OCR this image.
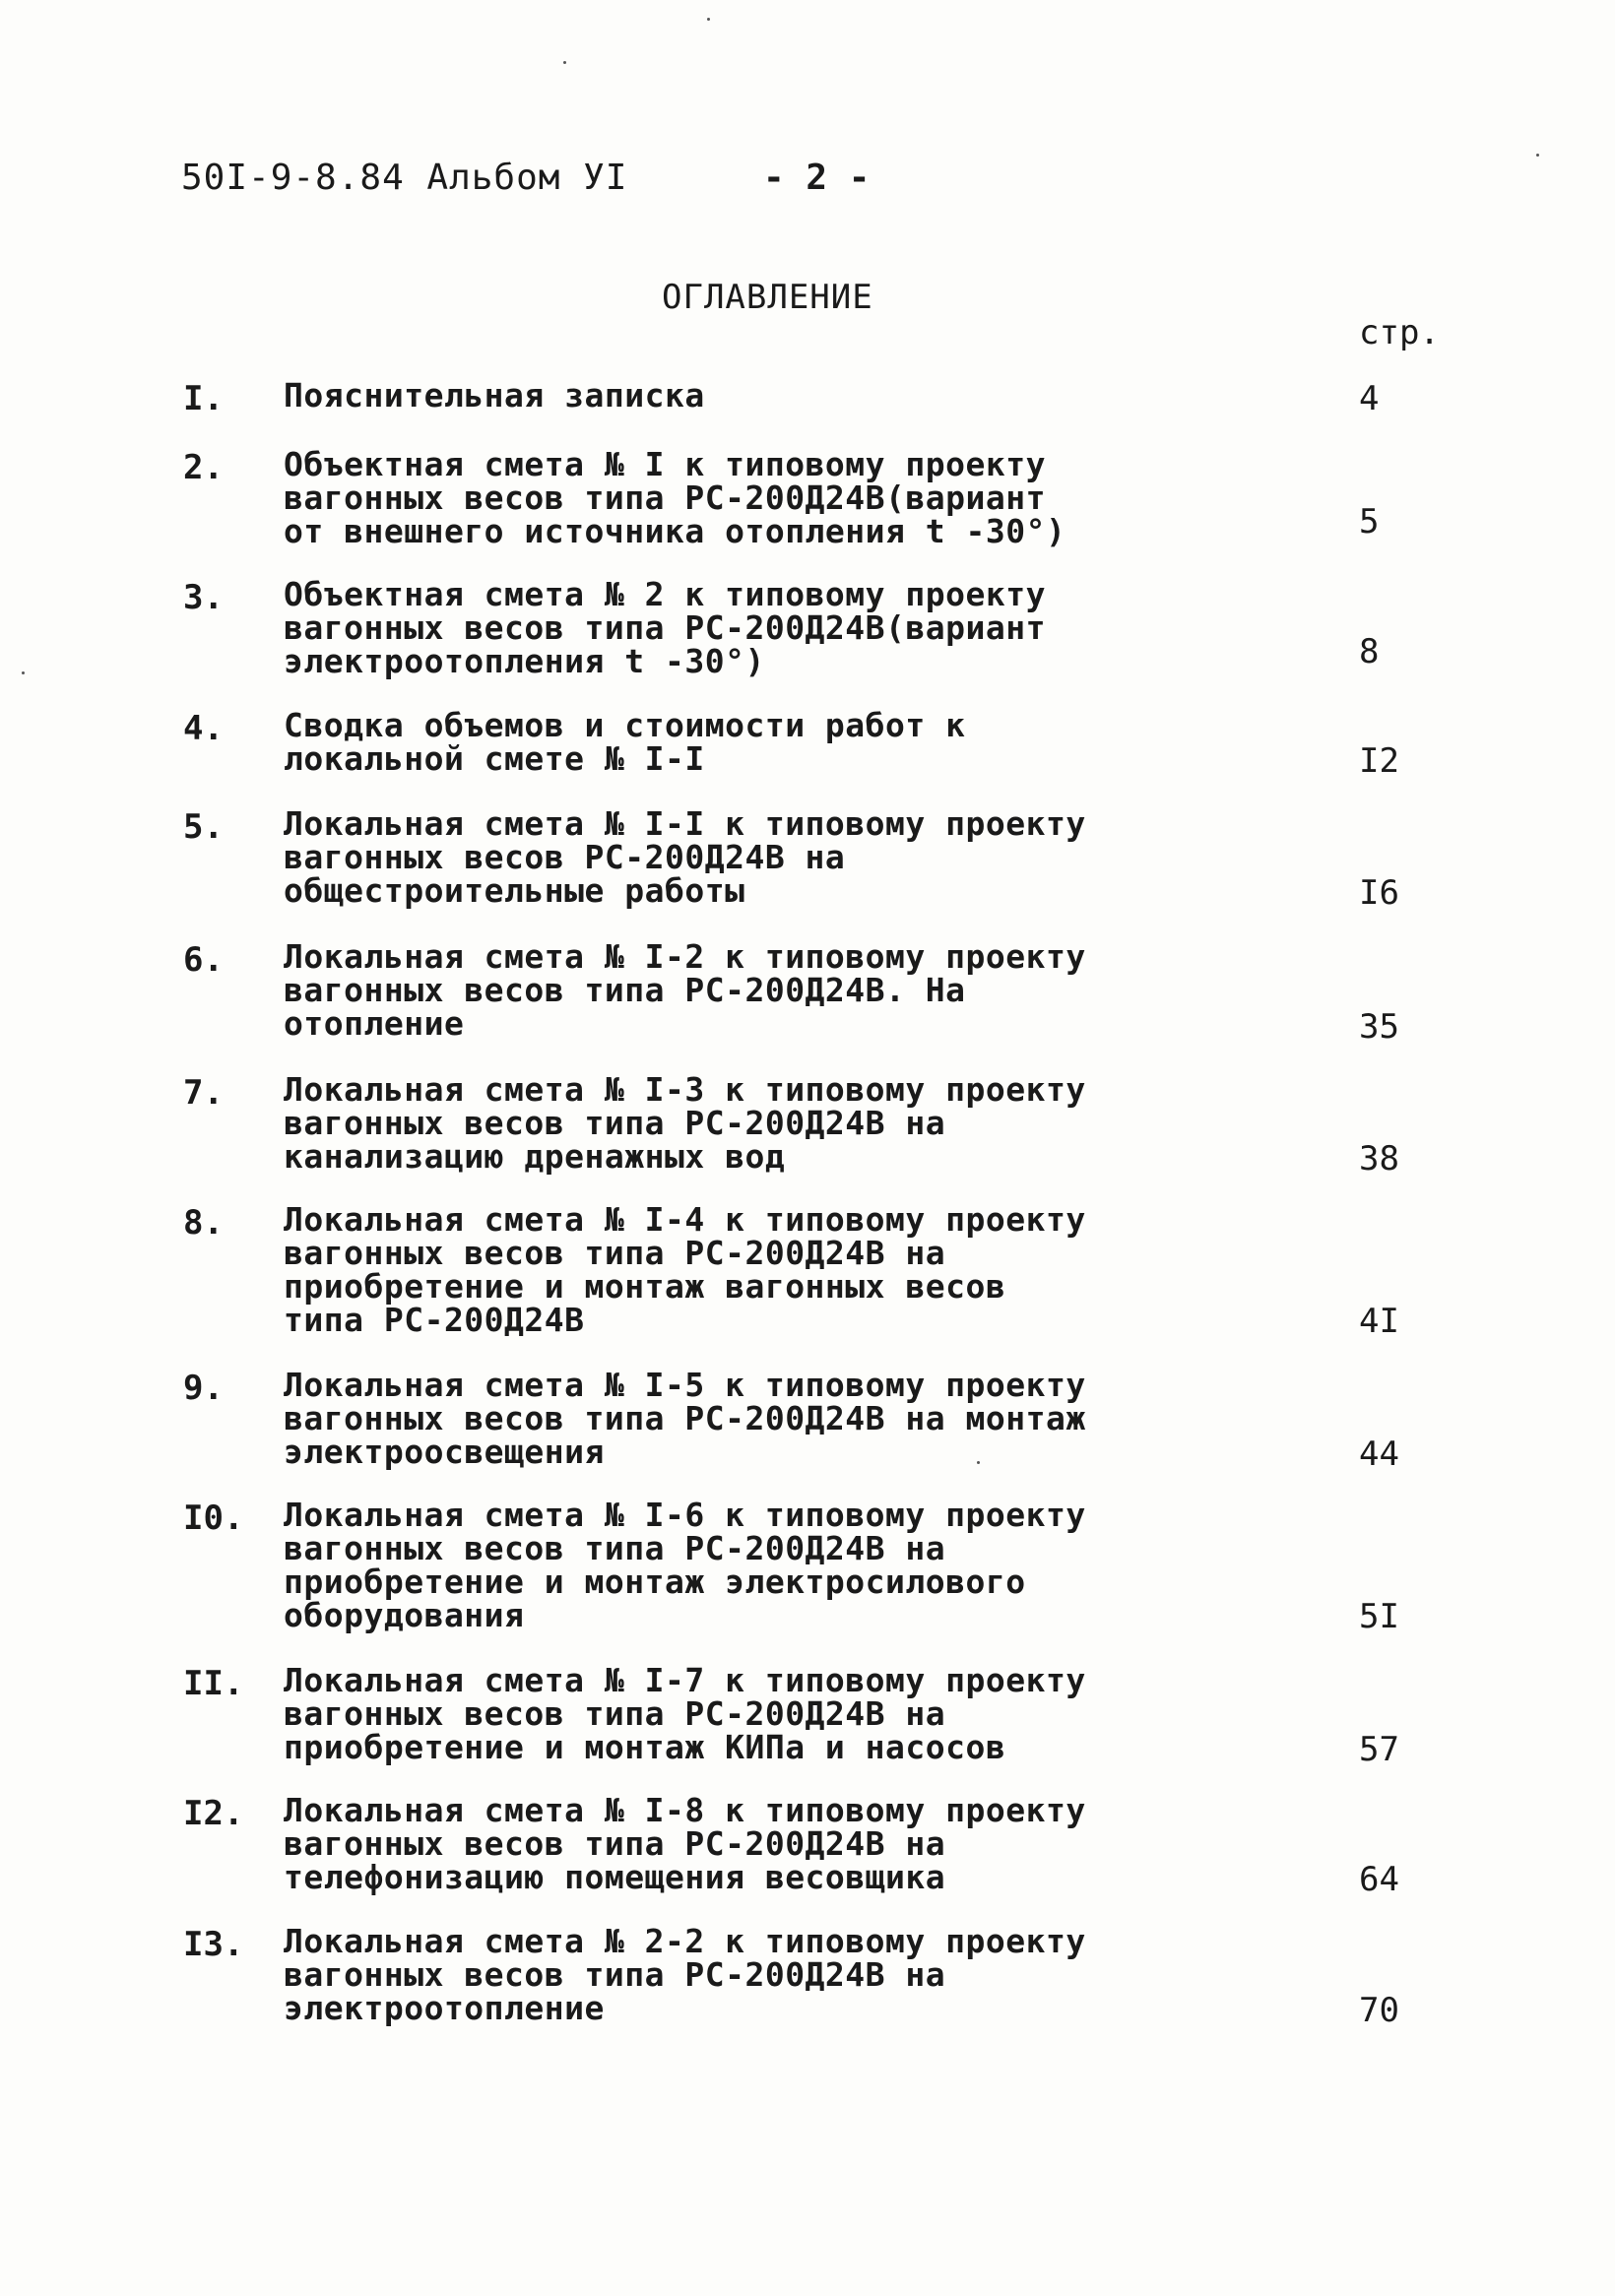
50I-9-8.84 Альбом УI	- 2 -
ОГЛАВЛЕНИЕ
стр.
I. Пояснительная записка	4
2. Объектная смета № I к типовому проекту вагонных весов типа РС-200Д24В(вариант от внешнего источника отопления t -30°)	5
3. Объектная смета № 2 к типовому проекту вагонных весов типа РС-200Д24В(вариант электроотопления t -30°)	8
4. Сводка объемов и стоимости работ к локальной смете № I-I	I2
5. Локальная смета № I-I к типовому проекту вагонных весов РС-200Д24В на общестроительные работы	I6
6. Локальная смета № I-2 к типовому проекту вагонных весов типа РС-200Д24В. На отопление	35
7. Локальная смета № I-3 к типовому проекту вагонных весов типа РС-200Д24В на канализацию дренажных вод	38
8. Локальная смета № I-4 к типовому проекту вагонных весов типа РС-200Д24В на приобретение и монтаж вагонных весов типа РС-200Д24В	4I
9. Локальная смета № I-5 к типовому проекту вагонных весов типа РС-200Д24В на монтаж электроосвещения	44
I0. Локальная смета № I-6 к типовому проекту вагонных весов типа РС-200Д24В на приобретение и монтаж электросилового оборудования	5I
II. Локальная смета № I-7 к типовому проекту вагонных весов типа РС-200Д24В на приобретение и монтаж КИПа и насосов	57
I2. Локальная смета № I-8 к типовому проекту вагонных весов типа РС-200Д24В на телефонизацию помещения весовщика	64
I3. Локальная смета № 2-2 к типовому проекту вагонных весов типа РС-200Д24В на электроотопление	70
